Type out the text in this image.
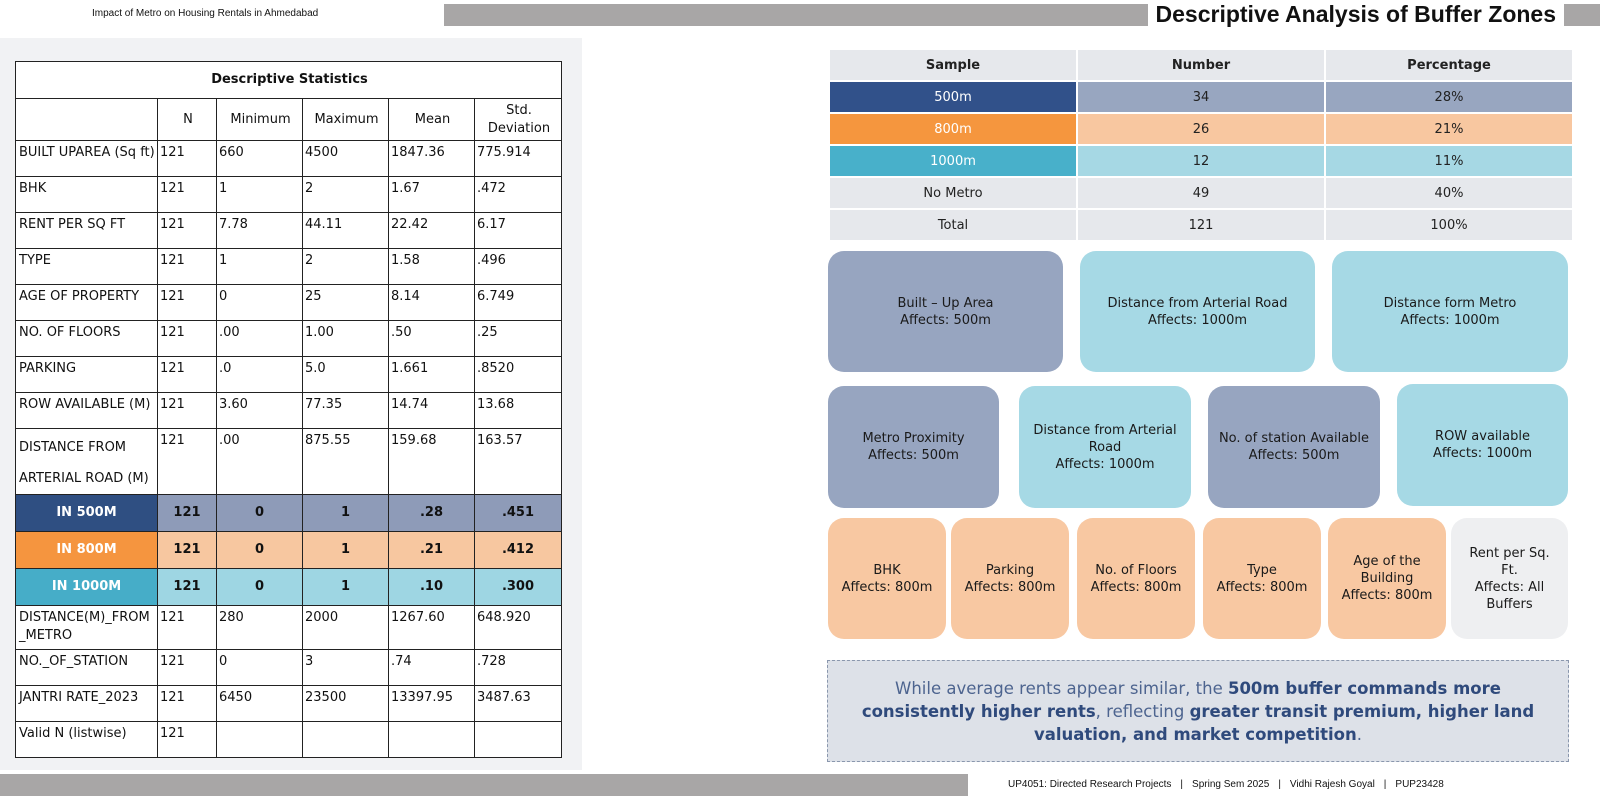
Impact of Metro on Housing Rentals in Ahmedabad	Descriptive Analysis of Buffer Zones
Descriptive Statistics					
	N	Minimum	Maximum	Mean	Std. Deviation
BUILT UPAREA (Sq ft)	121	660	4500	1847.36	775.914
BHK	121	1	2	1.67	.472
RENT PER SQ FT	121	7.78	44.11	22.42	6.17
TYPE	121	1	2	1.58	.496
AGE OF PROPERTY	121	0	25	8.14	6.749
NO. OF FLOORS	121	.00	1.00	.50	.25
PARKING	121	.0	5.0	1.661	.8520
ROW AVAILABLE (M)	121	3.60	77.35	14.74	13.68
DISTANCE FROM ARTERIAL ROAD (M)	121	.00	875.55	159.68	163.57
IN 500M	121	0	1	.28	.451
IN 800M	121	0	1	.21	.412
IN 1000M	121	0	1	.10	.300
DISTANCE(M)_FROM _METRO	121	280	2000	1267.60	648.920
NO._OF_STATION	121	0	3	.74	.728
JANTRI RATE_2023	121	6450	23500	13397.95	3487.63
Valid N (listwise)	121				
Sample	Number	Percentage
500m	34	28%
800m	26	21%
1000m	12	11%
No Metro	49	40%
Total	121	100%
Built – Up Area
Affects: 500m
Distance from Arterial Road
Affects: 1000m
Distance form Metro
Affects: 1000m
Metro Proximity
Affects: 500m
Distance from Arterial Road
Affects: 1000m
No. of station Available
Affects: 500m
ROW available
Affects: 1000m
BHK
Affects: 800m
Parking
Affects: 800m
No. of Floors
Affects: 800m
Type
Affects: 800m
Age of the Building
Affects: 800m
Rent per Sq. Ft.
Affects: All Buffers
While average rents appear similar, the 500m buffer commands more consistently higher rents, reflecting greater transit premium, higher land valuation, and market competition.
UP4051: Directed Research Projects | Spring Sem 2025 | Vidhi Rajesh Goyal | PUP23428
